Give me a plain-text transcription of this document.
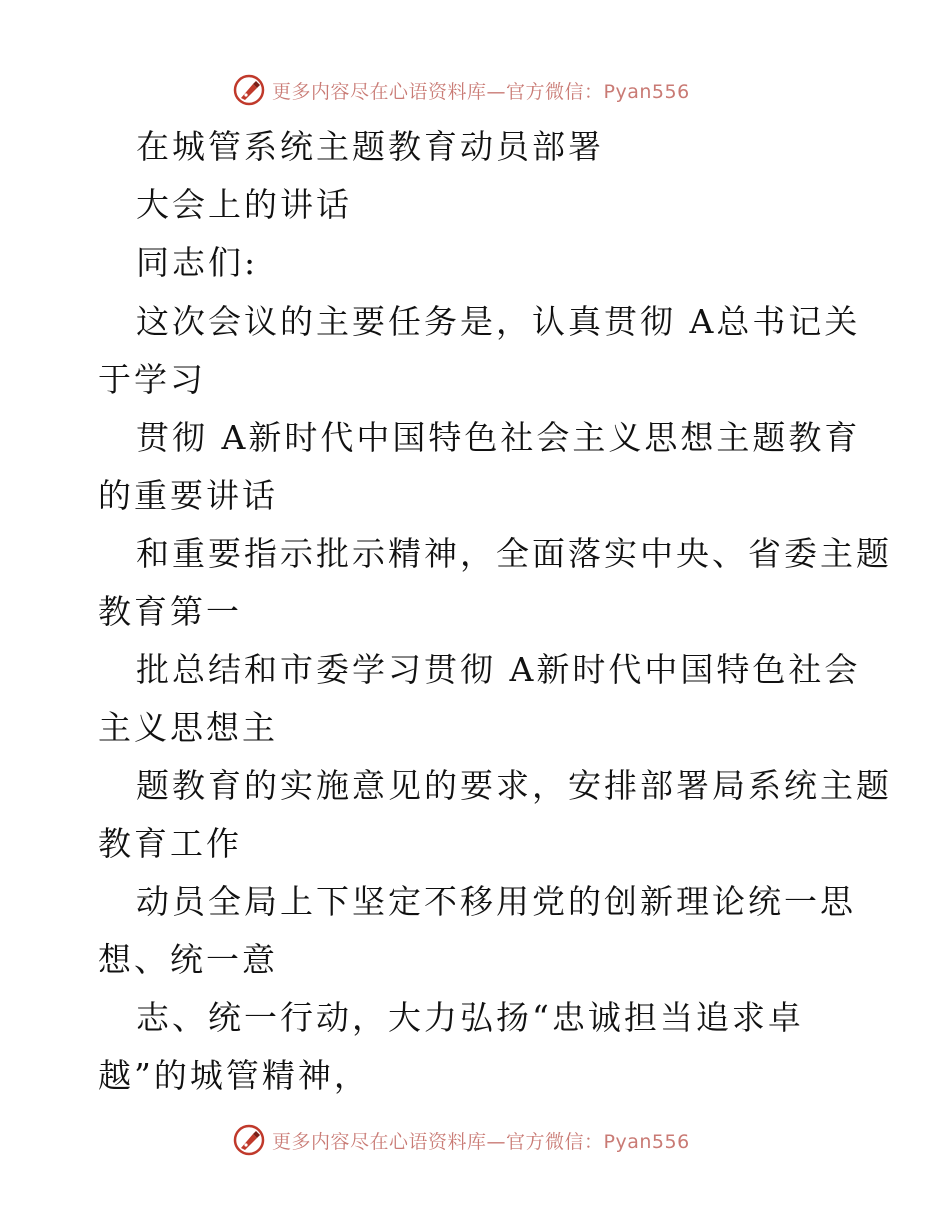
更多内容尽在心语资料库—官方微信：Pyan556
在城管系统主题教育动员部署
大会上的讲话
同志们:
这次会议的主要任务是，认真贯彻 A总书记关
于学习
贯彻 A新时代中国特色社会主义思想主题教育
的重要讲话
和重要指示批示精神，全面落实中央、省委主题
教育第一
批总结和市委学习贯彻 A新时代中国特色社会
主义思想主
题教育的实施意见的要求，安排部署局系统主题
教育工作
动员全局上下坚定不移用党的创新理论统一思
想、统一意
志、统一行动，大力弘扬“忠诚担当追求卓
越”的城管精神，
更多内容尽在心语资料库—官方微信：Pyan556
